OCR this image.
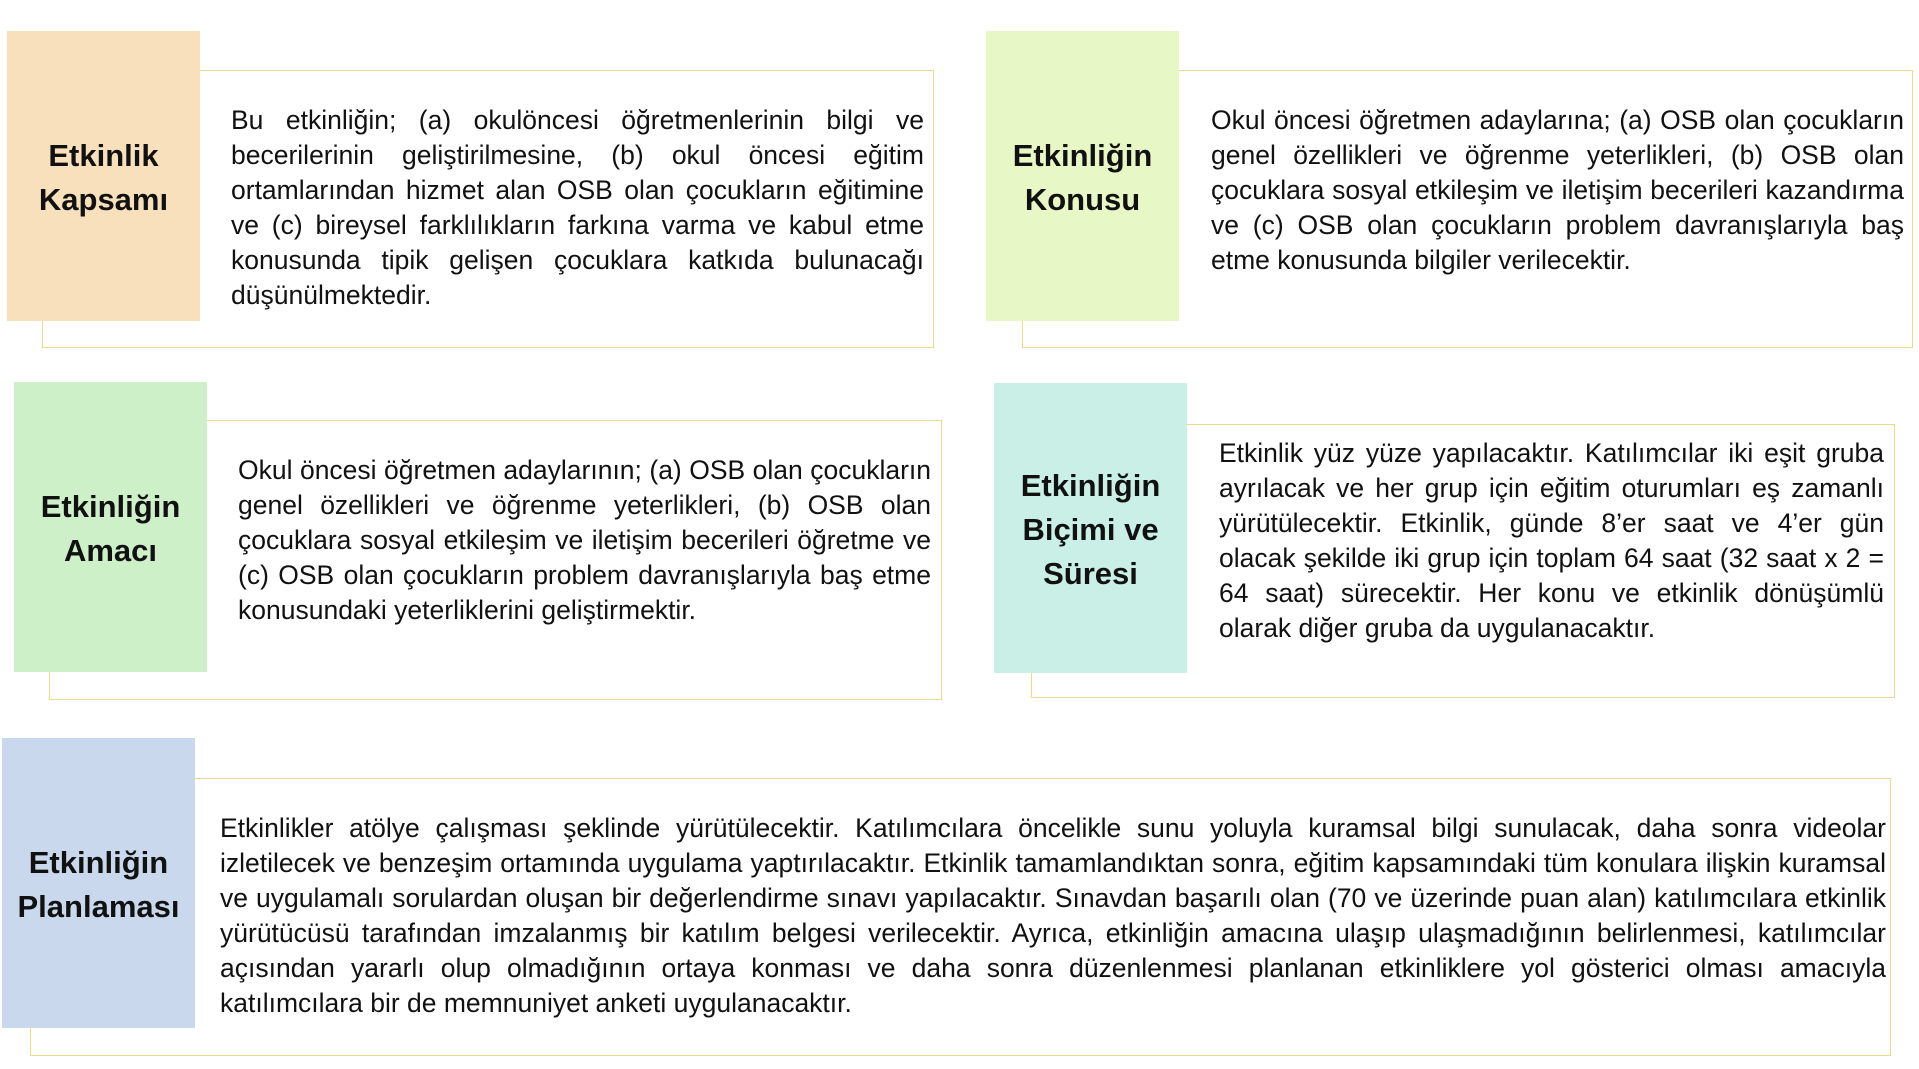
Etkinlik
Kapsamı
Bu etkinliğin; (a) okulöncesi öğretmenlerinin bilgi ve becerilerinin geliştirilmesine, (b) okul öncesi eğitim ortamlarından hizmet alan OSB olan çocukların eğitimine ve (c) bireysel farklılıkların farkına varma ve kabul etme konusunda tipik gelişen çocuklara katkıda bulunacağı düşünülmektedir.
Etkinliğin
Konusu
Okul öncesi öğretmen adaylarına; (a) OSB olan çocukların genel özellikleri ve öğrenme yeterlikleri, (b) OSB olan çocuklara sosyal etkileşim ve iletişim becerileri kazandırma ve (c) OSB olan çocukların problem davranışlarıyla baş etme konusunda bilgiler verilecektir.
Etkinliğin
Amacı
Okul öncesi öğretmen adaylarının; (a) OSB olan çocukların genel özellikleri ve öğrenme yeterlikleri, (b) OSB olan çocuklara sosyal etkileşim ve iletişim becerileri öğretme ve (c) OSB olan çocukların problem davranışlarıyla baş etme konusundaki yeterliklerini geliştirmektir.
Etkinliğin
Biçimi ve
Süresi
Etkinlik yüz yüze yapılacaktır. Katılımcılar iki eşit gruba ayrılacak ve her grup için eğitim oturumları eş zamanlı yürütülecektir. Etkinlik, günde 8’er saat ve 4’er gün olacak şekilde iki grup için toplam 64 saat (32 saat x 2 = 64 saat) sürecektir. Her konu ve etkinlik dönüşümlü olarak diğer gruba da uygulanacaktır.
Etkinliğin
Planlaması
Etkinlikler atölye çalışması şeklinde yürütülecektir. Katılımcılara öncelikle sunu yoluyla kuramsal bilgi sunulacak, daha sonra videolar izletilecek ve benzeşim ortamında uygulama yaptırılacaktır. Etkinlik tamamlandıktan sonra, eğitim kapsamındaki tüm konulara ilişkin kuramsal ve uygulamalı sorulardan oluşan bir değerlendirme sınavı yapılacaktır. Sınavdan başarılı olan (70 ve üzerinde puan alan) katılımcılara etkinlik yürütücüsü tarafından imzalanmış bir katılım belgesi verilecektir. Ayrıca, etkinliğin amacına ulaşıp ulaşmadığının belirlenmesi, katılımcılar açısından yararlı olup olmadığının ortaya konması ve daha sonra düzenlenmesi planlanan etkinliklere yol gösterici olması amacıyla katılımcılara bir de memnuniyet anketi uygulanacaktır.
